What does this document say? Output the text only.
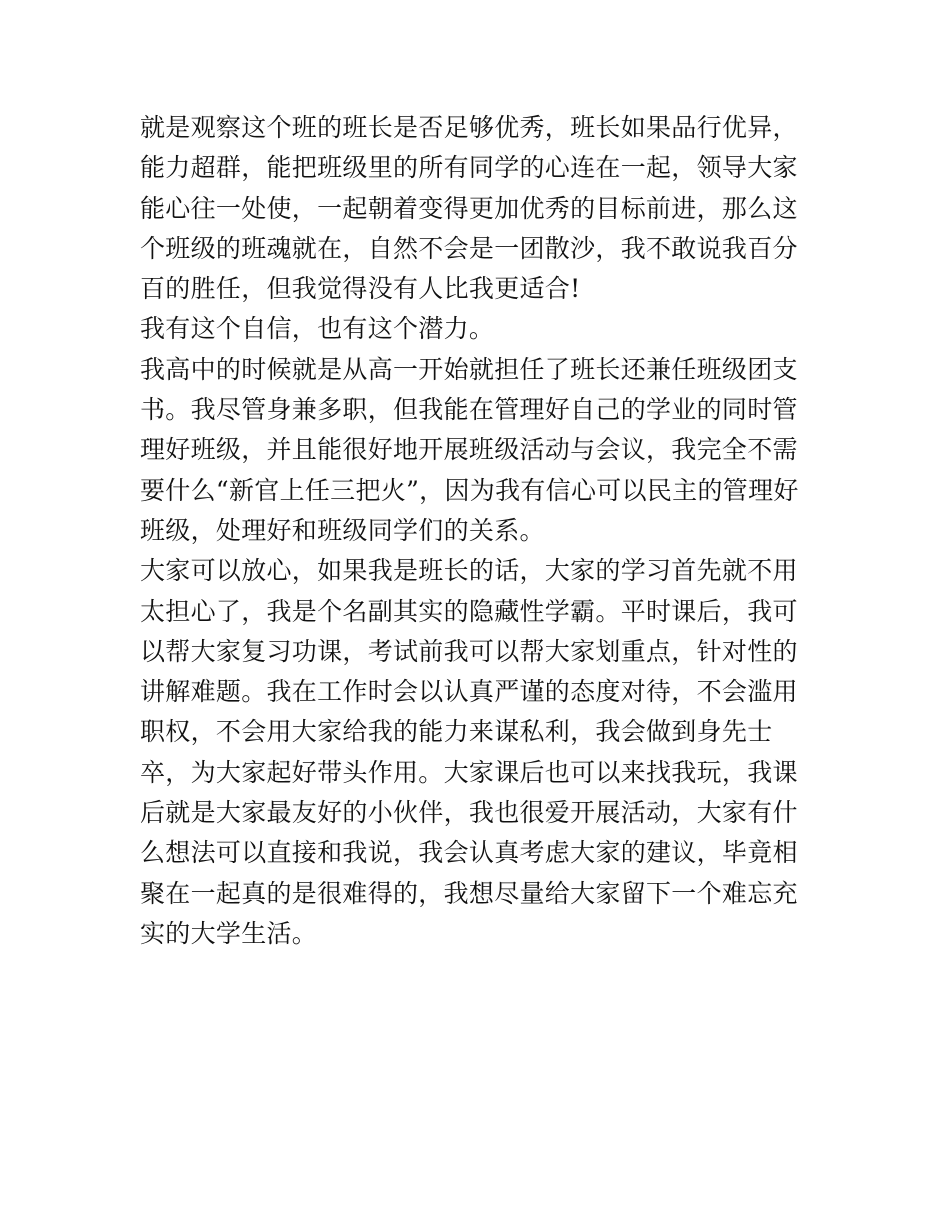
就是观察这个班的班长是否足够优秀，班长如果品行优异，能力超群，能把班级里的所有同学的心连在一起，领导大家能心往一处使，一起朝着变得更加优秀的目标前进，那么这个班级的班魂就在，自然不会是一团散沙，我不敢说我百分百的胜任，但我觉得没有人比我更适合!

我有这个自信，也有这个潜力。

我高中的时候就是从高一开始就担任了班长还兼任班级团支书。我尽管身兼多职，但我能在管理好自己的学业的同时管理好班级，并且能很好地开展班级活动与会议，我完全不需要什么“新官上任三把火”，因为我有信心可以民主的管理好班级，处理好和班级同学们的关系。

大家可以放心，如果我是班长的话，大家的学习首先就不用太担心了，我是个名副其实的隐藏性学霸。平时课后，我可以帮大家复习功课，考试前我可以帮大家划重点，针对性的讲解难题。我在工作时会以认真严谨的态度对待，不会滥用职权，不会用大家给我的能力来谋私利，我会做到身先士卒，为大家起好带头作用。大家课后也可以来找我玩，我课后就是大家最友好的小伙伴，我也很爱开展活动，大家有什么想法可以直接和我说，我会认真考虑大家的建议，毕竟相聚在一起真的是很难得的，我想尽量给大家留下一个难忘充实的大学生活。
